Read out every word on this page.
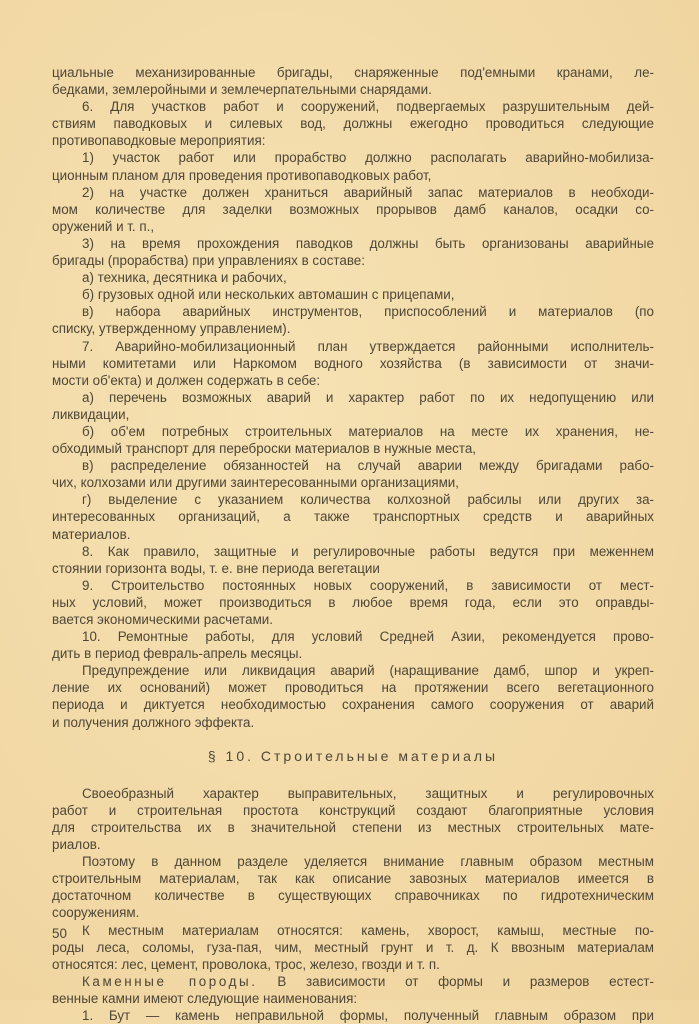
циальные механизированные бригады, снаряженные под'емными кранами, ле-
бедками, землеройными и землечерпательными снарядами.
6. Для участков работ и сооружений, подвергаемых разрушительным дей-
ствиям паводковых и силевых вод, должны ежегодно проводиться следующие
противопаводковые мероприятия:
1) участок работ или прорабство должно располагать аварийно-мобилиза-
ционным планом для проведения противопаводковых работ,
2) на участке должен храниться аварийный запас материалов в необходи-
мом количестве для заделки возможных прорывов дамб каналов, осадки со-
оружений и т. п.,
3) на время прохождения паводков должны быть организованы аварийные
бригады (прорабства) при управлениях в составе:
а) техника, десятника и рабочих,
б) грузовых одной или нескольких автомашин с прицепами,
в) набора аварийных инструментов, приспособлений и материалов (по
списку, утвержденному управлением).
7. Аварийно-мобилизационный план утверждается районными исполнитель-
ными комитетами или Наркомом водного хозяйства (в зависимости от значи-
мости об'екта) и должен содержать в себе:
а) перечень возможных аварий и характер работ по их недопущению или
ликвидации,
б) об'ем потребных строительных материалов на месте их хранения, не-
обходимый транспорт для переброски материалов в нужные места,
в) распределение обязанностей на случай аварии между бригадами рабо-
чих, колхозами или другими заинтересованными организациями,
г) выделение с указанием количества колхозной рабсилы или других за-
интересованных организаций, а также транспортных средств и аварийных
материалов.
8. Как правило, защитные и регулировочные работы ведутся при меженнем
стоянии горизонта воды, т. е. вне периода вегетации
9. Строительство постоянных новых сооружений, в зависимости от мест-
ных условий, может производиться в любое время года, если это оправды-
вается экономическими расчетами.
10. Ремонтные работы, для условий Средней Азии, рекомендуется прово-
дить в период февраль-апрель месяцы.
Предупреждение или ликвидация аварий (наращивание дамб, шпор и укреп-
ление их оснований) может проводиться на протяжении всего вегетационного
периода и диктуется необходимостью сохранения самого сооружения от аварий
и получения должного эффекта.
§ 10. Строительные материалы
Своеобразный характер выправительных, защитных и регулировочных
работ и строительная простота конструкций создают благоприятные условия
для строительства их в значительной степени из местных строительных мате-
риалов.
Поэтому в данном разделе уделяется внимание главным образом местным
строительным материалам, так как описание завозных материалов имеется в
достаточном количестве в существующих справочниках по гидротехническим
сооружениям.
К местным материалам относятся: камень, хворост, камыш, местные по-
роды леса, соломы, гуза-пая, чим, местный грунт и т. д. К ввозным материалам
относятся: лес, цемент, проволока, трос, железо, гвозди и т. п.
Каменные породы. В зависимости от формы и размеров естест-
венные камни имеют следующие наименования:
1. Бут — камень неправильной формы, полученный главным образом при
50
